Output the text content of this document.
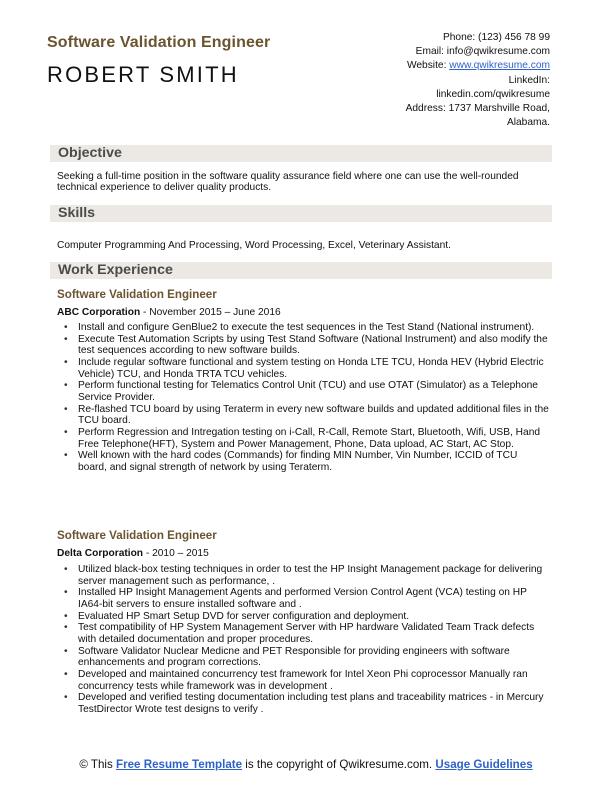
Software Validation Engineer
ROBERT SMITH
Phone: (123) 456 78 99
Email: info@qwikresume.com
Website: www.qwikresume.com
LinkedIn:
linkedin.com/qwikresume
Address: 1737 Marshville Road,
Alabama.
Objective
Seeking a full-time position in the software quality assurance field where one can use the well-rounded technical experience to deliver quality products.
Skills
Computer Programming And Processing, Word Processing, Excel, Veterinary Assistant.
Work Experience
Software Validation Engineer
ABC Corporation - November 2015 – June 2016
• Install and configure GenBlue2 to execute the test sequences in the Test Stand (National instrument).
• Execute Test Automation Scripts by using Test Stand Software (National Instrument) and also modify the test sequences according to new software builds.
• Include regular software functional and system testing on Honda LTE TCU, Honda HEV (Hybrid Electric Vehicle) TCU, and Honda TRTA TCU vehicles.
• Perform functional testing for Telematics Control Unit (TCU) and use OTAT (Simulator) as a Telephone Service Provider.
• Re-flashed TCU board by using Teraterm in every new software builds and updated additional files in the TCU board.
• Perform Regression and Intregation testing on i-Call, R-Call, Remote Start, Bluetooth, Wifi, USB, Hand Free Telephone(HFT), System and Power Management, Phone, Data upload, AC Start, AC Stop.
• Well known with the hard codes (Commands) for finding MIN Number, Vin Number, ICCID of TCU board, and signal strength of network by using Teraterm.
Software Validation Engineer
Delta Corporation - 2010 – 2015
• Utilized black-box testing techniques in order to test the HP Insight Management package for delivering server management such as performance, .
• Installed HP Insight Management Agents and performed Version Control Agent (VCA) testing on HP IA64-bit servers to ensure installed software and .
• Evaluated HP Smart Setup DVD for server configuration and deployment.
• Test compatibility of HP System Management Server with HP hardware Validated Team Track defects with detailed documentation and proper procedures.
• Software Validator Nuclear Medicne and PET Responsible for providing engineers with software enhancements and program corrections.
• Developed and maintained concurrency test framework for Intel Xeon Phi coprocessor Manually ran concurrency tests while framework was in development .
• Developed and verified testing documentation including test plans and traceability matrices - in Mercury TestDirector Wrote test designs to verify .
© This Free Resume Template is the copyright of Qwikresume.com. Usage Guidelines
